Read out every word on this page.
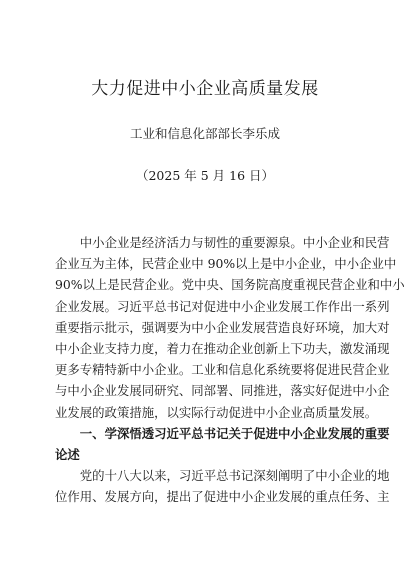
大力促进中小企业高质量发展
工业和信息化部部长李乐成
（2025 年 5 月 16 日）
中小企业是经济活力与韧性的重要源泉。中小企业和民营
企业互为主体，民营企业中 90%以上是中小企业，中小企业中
90%以上是民营企业。党中央、国务院高度重视民营企业和中小
企业发展。习近平总书记对促进中小企业发展工作作出一系列
重要指示批示，强调要为中小企业发展营造良好环境，加大对
中小企业支持力度，着力在推动企业创新上下功夫，激发涌现
更多专精特新中小企业。工业和信息化系统要将促进民营企业
与中小企业发展同研究、同部署、同推进，落实好促进中小企
业发展的政策措施，以实际行动促进中小企业高质量发展。
一、学深悟透习近平总书记关于促进中小企业发展的重要
论述
党的十八大以来，习近平总书记深刻阐明了中小企业的地
位作用、发展方向，提出了促进中小企业发展的重点任务、主
